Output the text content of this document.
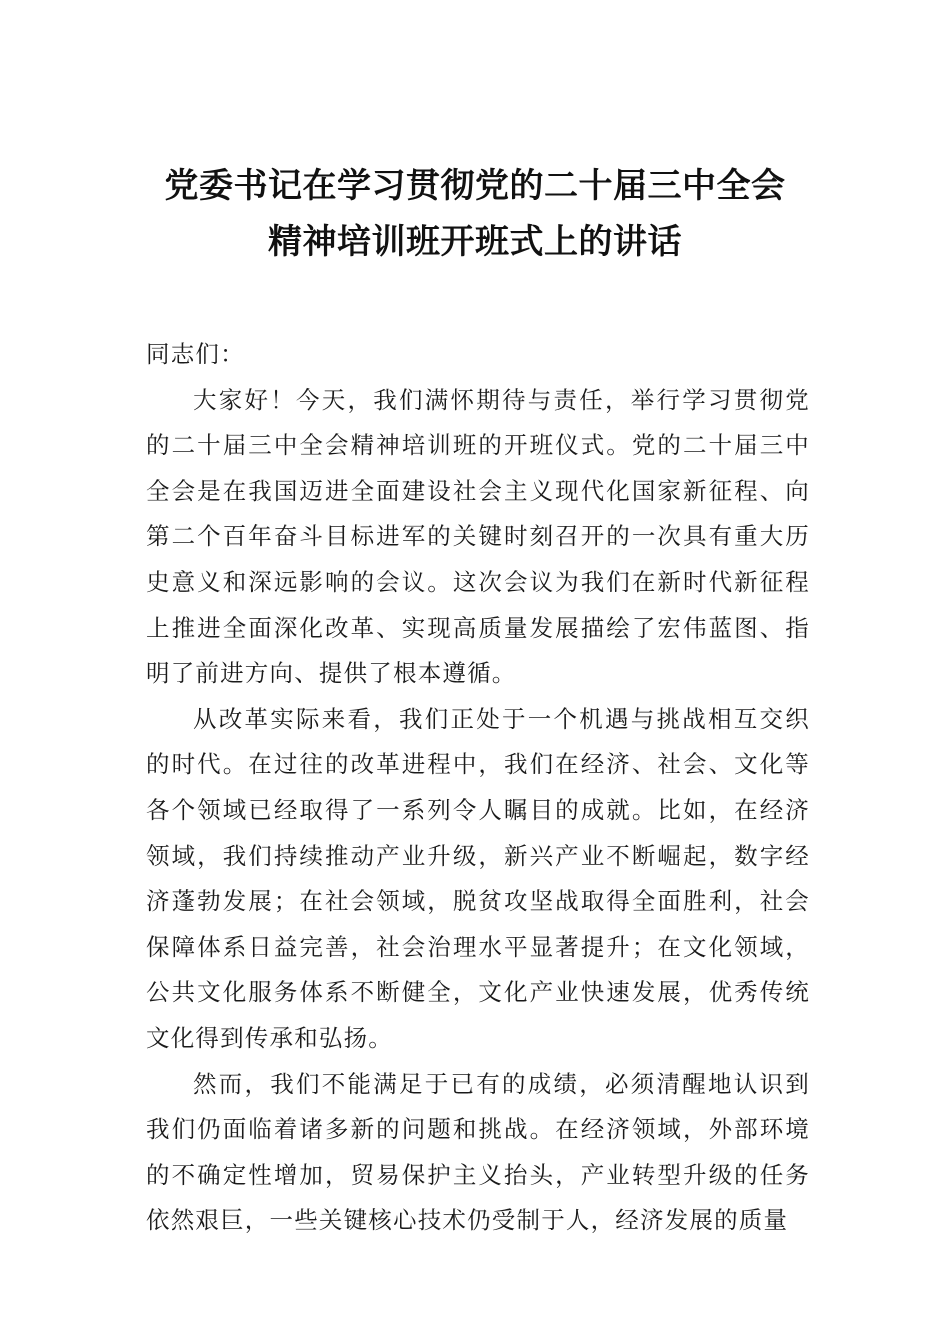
党委书记在学习贯彻党的二十届三中全会
精神培训班开班式上的讲话

同志们：

大家好！今天，我们满怀期待与责任，举行学习贯彻党的二十届三中全会精神培训班的开班仪式。党的二十届三中全会是在我国迈进全面建设社会主义现代化国家新征程、向第二个百年奋斗目标进军的关键时刻召开的一次具有重大历史意义和深远影响的会议。这次会议为我们在新时代新征程上推进全面深化改革、实现高质量发展描绘了宏伟蓝图、指明了前进方向、提供了根本遵循。

从改革实际来看，我们正处于一个机遇与挑战相互交织的时代。在过往的改革进程中，我们在经济、社会、文化等各个领域已经取得了一系列令人瞩目的成就。比如，在经济领域，我们持续推动产业升级，新兴产业不断崛起，数字经济蓬勃发展；在社会领域，脱贫攻坚战取得全面胜利，社会保障体系日益完善，社会治理水平显著提升；在文化领域，公共文化服务体系不断健全，文化产业快速发展，优秀传统文化得到传承和弘扬。

然而，我们不能满足于已有的成绩，必须清醒地认识到我们仍面临着诸多新的问题和挑战。在经济领域，外部环境的不确定性增加，贸易保护主义抬头，产业转型升级的任务依然艰巨，一些关键核心技术仍受制于人，经济发展的质量
